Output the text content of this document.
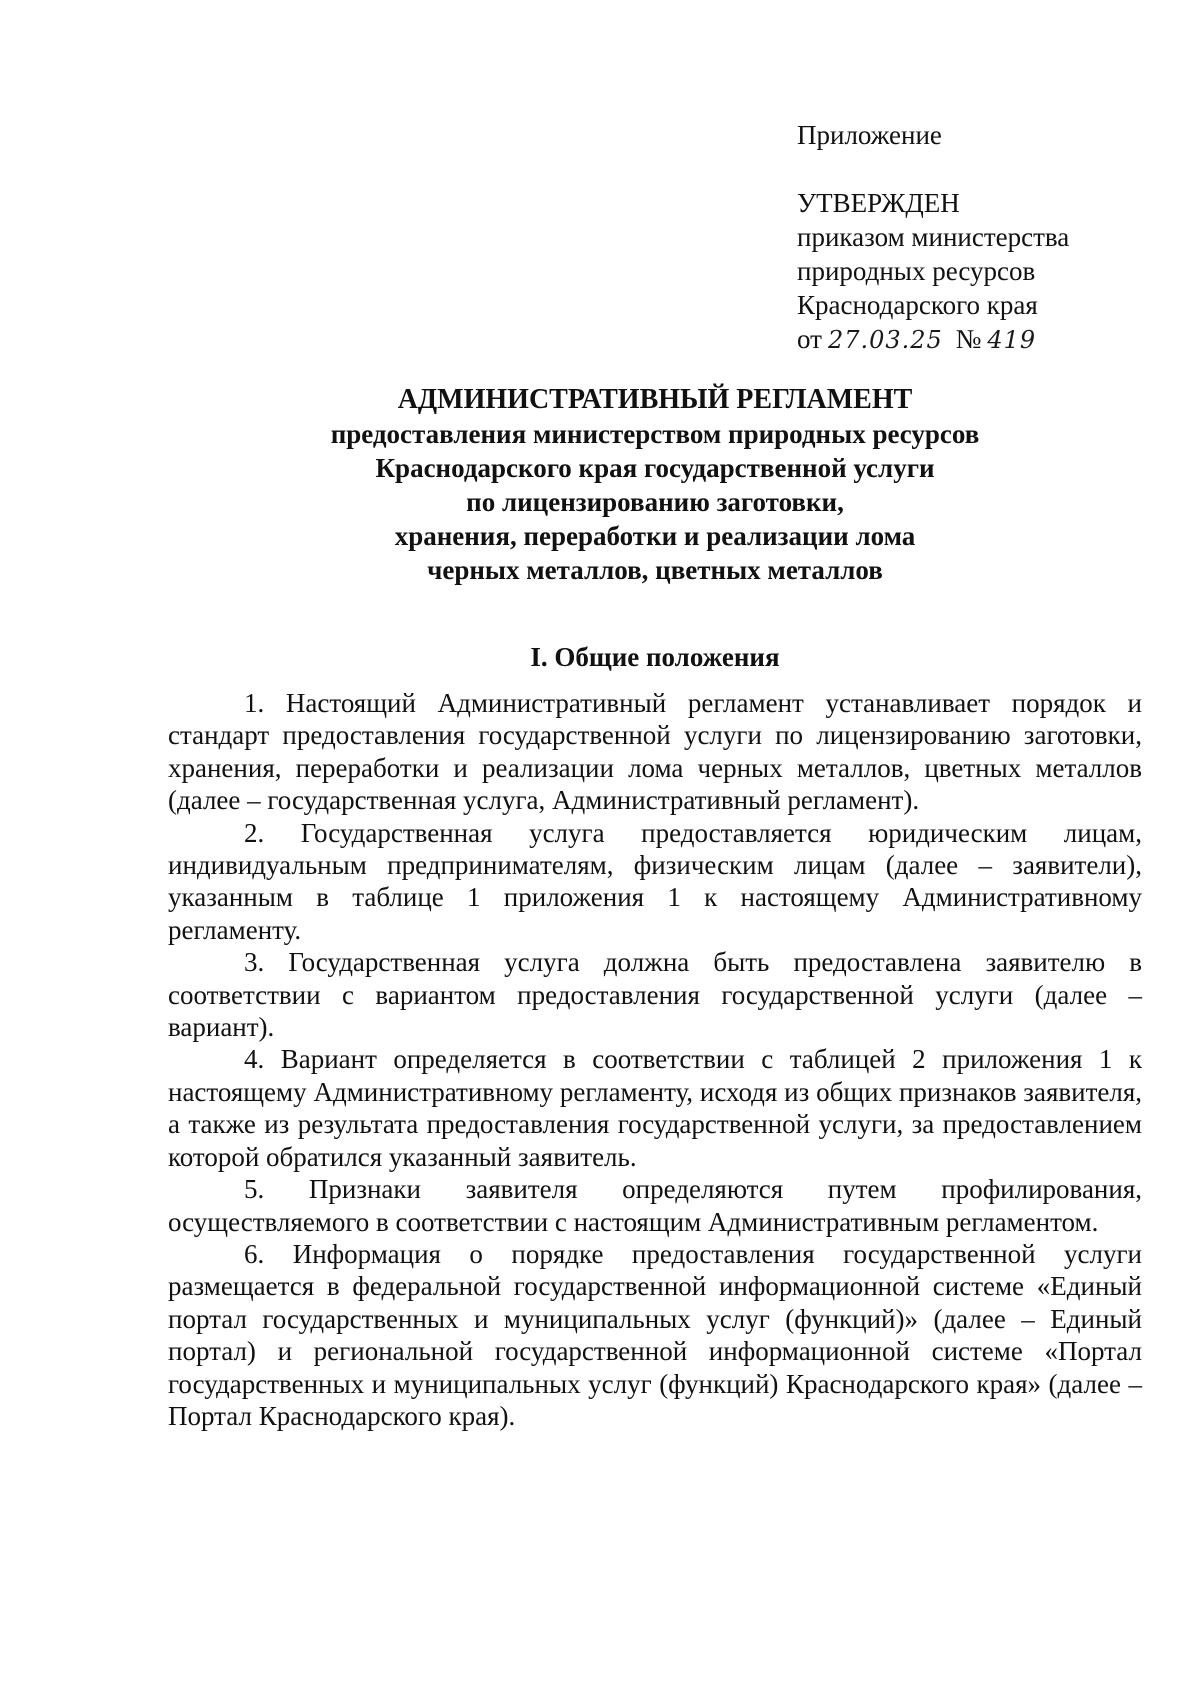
Приложение
УТВЕРЖДЕН
приказом министерства
природных ресурсов
Краснодарского края
от 27.03.25 № 419
АДМИНИСТРАТИВНЫЙ РЕГЛАМЕНТ
предоставления министерством природных ресурсов
Краснодарского края государственной услуги
по лицензированию заготовки,
хранения, переработки и реализации лома
черных металлов, цветных металлов
I. Общие положения

1. Настоящий Административный регламент устанавливает порядок и стандарт предоставления государственной услуги по лицензированию заготовки, хранения, переработки и реализации лома черных металлов, цветных металлов (далее – государственная услуга, Административный регламент).

2. Государственная услуга предоставляется юридическим лицам, индивидуальным предпринимателям, физическим лицам (далее – заявители), указанным в таблице 1 приложения 1 к настоящему Административному регламенту.

3. Государственная услуга должна быть предоставлена заявителю в соответствии с вариантом предоставления государственной услуги (далее – вариант).

4. Вариант определяется в соответствии с таблицей 2 приложения 1 к настоящему Административному регламенту, исходя из общих признаков заявителя, а также из результата предоставления государственной услуги, за предоставлением которой обратился указанный заявитель.

5. Признаки заявителя определяются путем профилирования, осуществляемого в соответствии с настоящим Административным регламентом.

6. Информация о порядке предоставления государственной услуги размещается в федеральной государственной информационной системе «Единый портал государственных и муниципальных услуг (функций)» (далее – Единый портал) и региональной государственной информационной системе «Портал государственных и муниципальных услуг (функций) Краснодарского края» (далее – Портал Краснодарского края).
